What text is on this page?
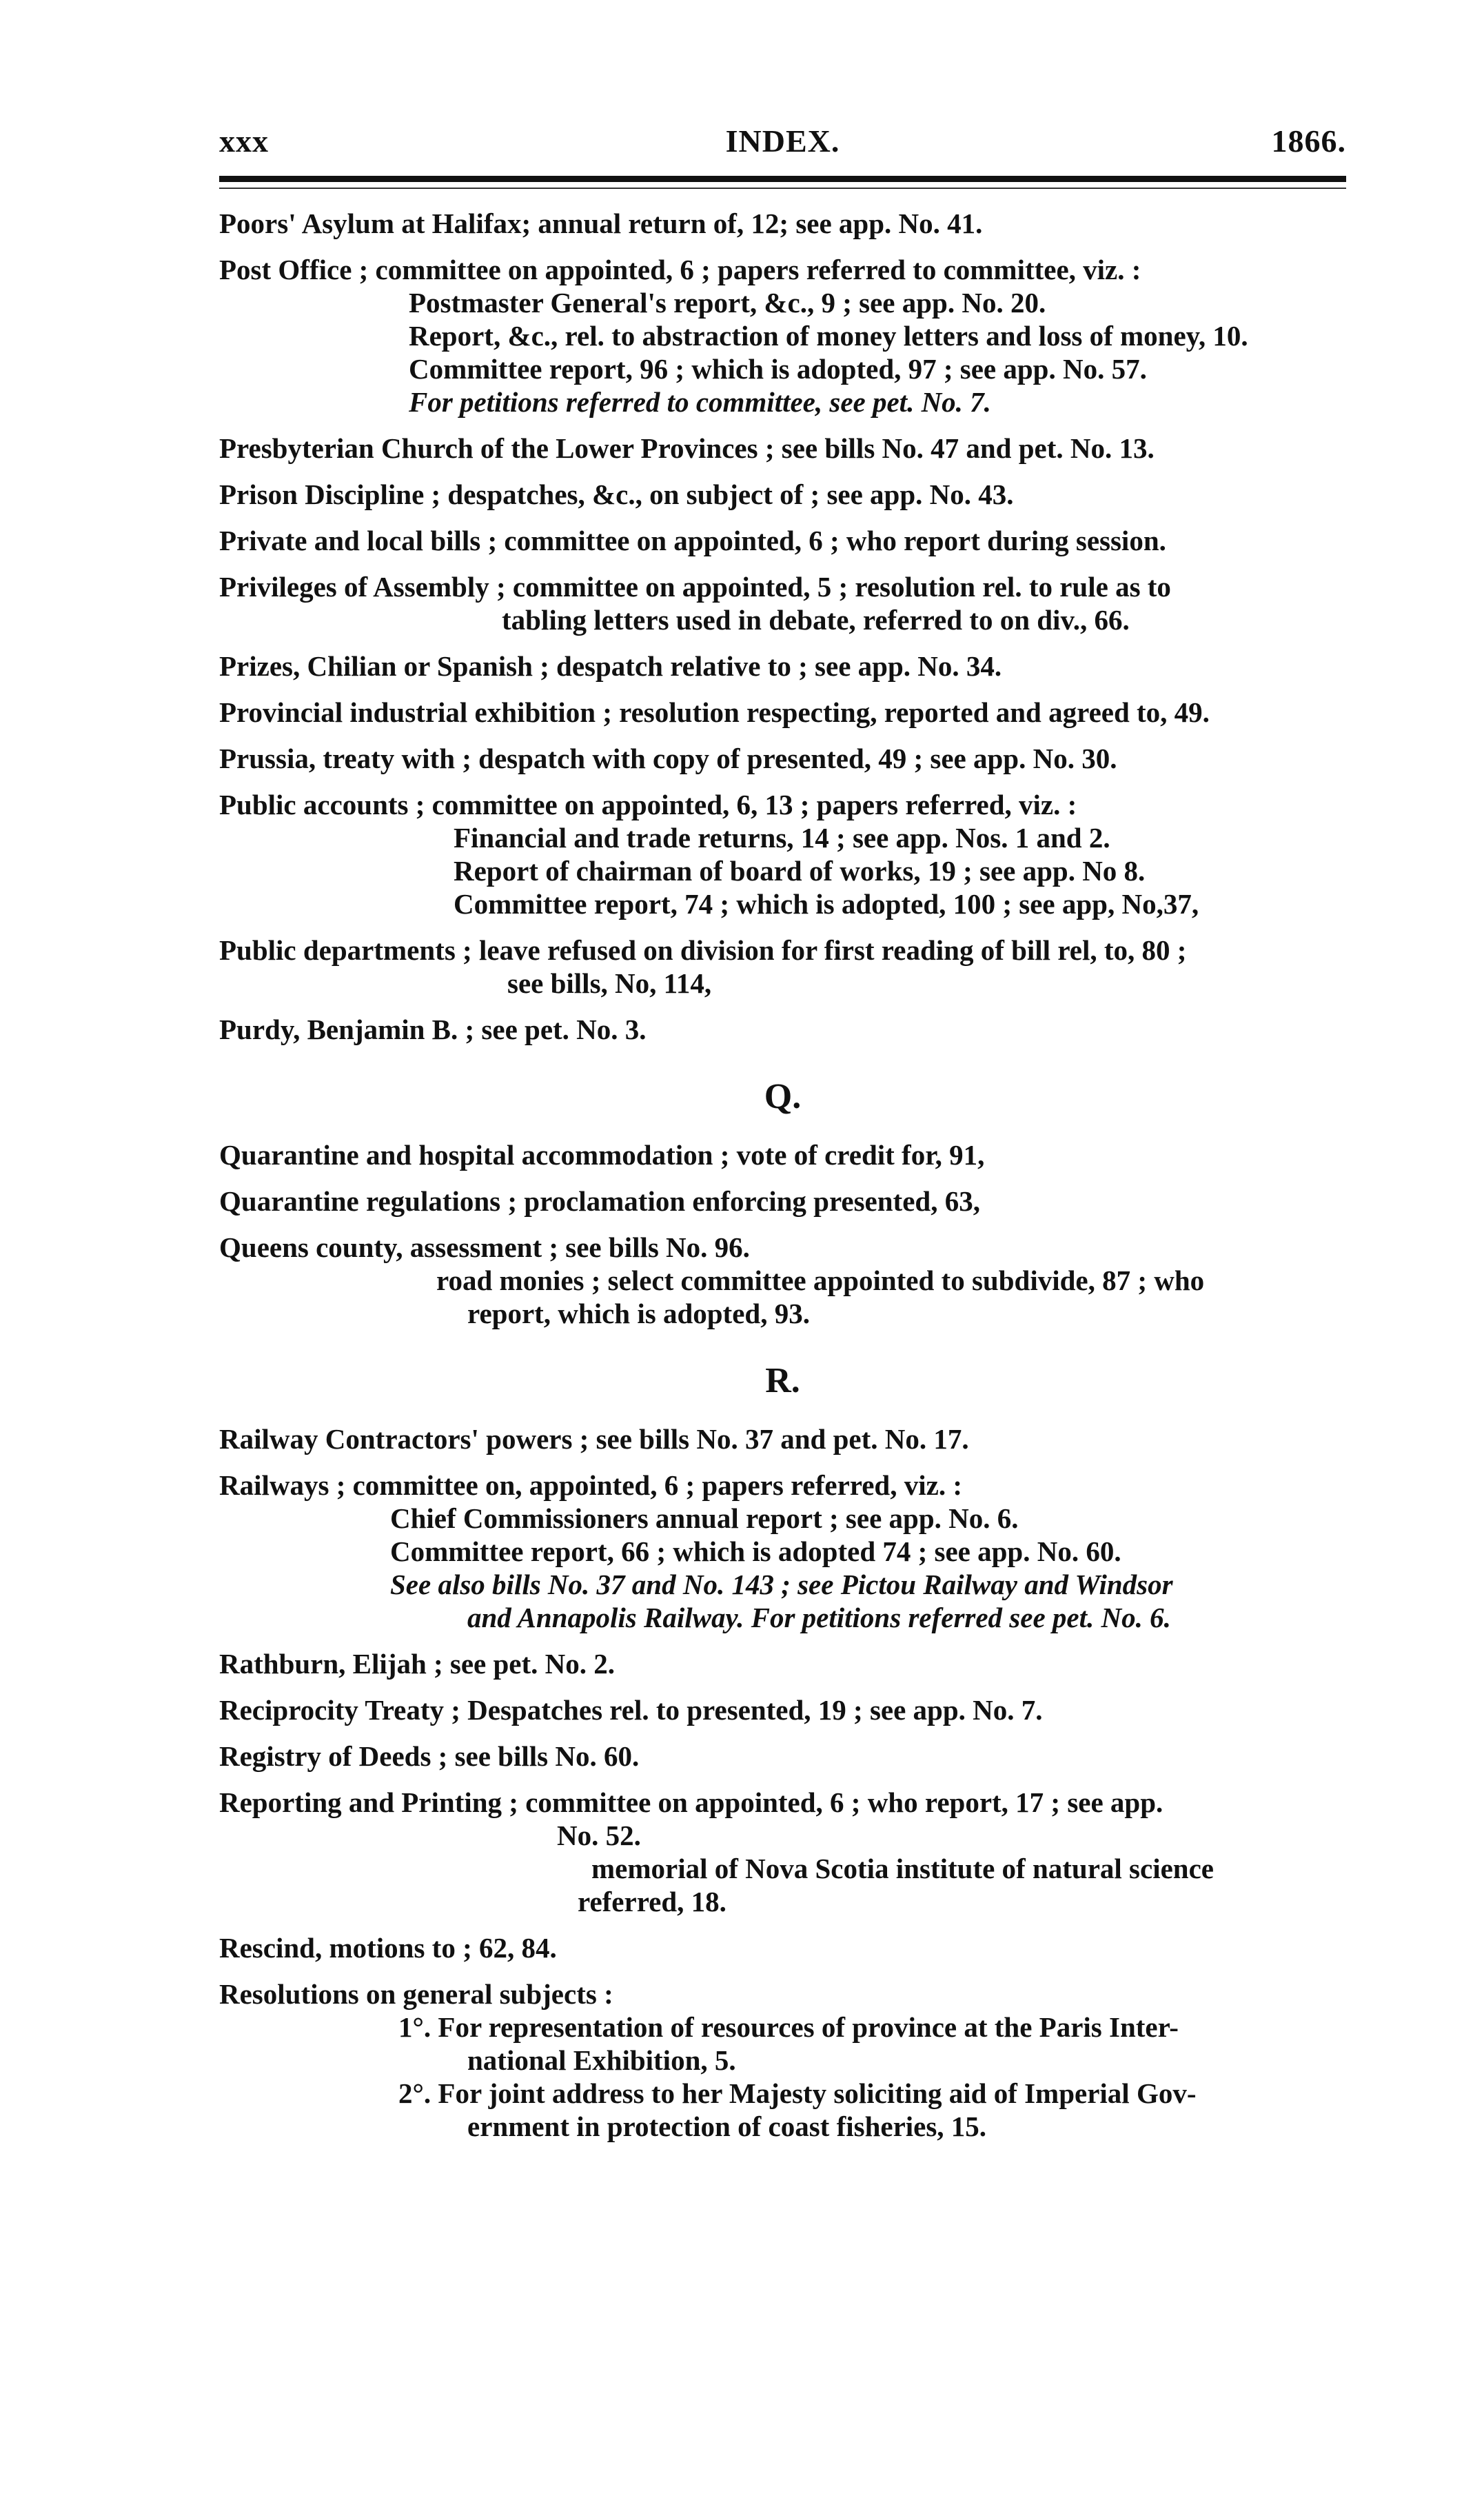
xxx	INDEX.	1866.
Poors' Asylum at Halifax; annual return of, 12; see app. No. 41.
Post Office ; committee on appointed, 6 ; papers referred to committee, viz. :
Postmaster General's report, &c., 9 ; see app. No. 20.
Report, &c., rel. to abstraction of money letters and loss of money, 10.
Committee report, 96 ; which is adopted, 97 ; see app. No. 57.
For petitions referred to committee, see pet. No. 7.
Presbyterian Church of the Lower Provinces ; see bills No. 47 and pet. No. 13.
Prison Discipline ; despatches, &c., on subject of ; see app. No. 43.
Private and local bills ; committee on appointed, 6 ; who report during session.
Privileges of Assembly ; committee on appointed, 5 ; resolution rel. to rule as to
tabling letters used in debate, referred to on div., 66.
Prizes, Chilian or Spanish ; despatch relative to ; see app. No. 34.
Provincial industrial exhibition ; resolution respecting, reported and agreed to, 49.
Prussia, treaty with ; despatch with copy of presented, 49 ; see app. No. 30.
Public accounts ; committee on appointed, 6, 13 ; papers referred, viz. :
Financial and trade returns, 14 ; see app. Nos. 1 and 2.
Report of chairman of board of works, 19 ; see app. No 8.
Committee report, 74 ; which is adopted, 100 ; see app, No,37,
Public departments ; leave refused on division for first reading of bill rel, to, 80 ;
see bills, No, 114,
Purdy, Benjamin B. ; see pet. No. 3.
Q.
Quarantine and hospital accommodation ; vote of credit for, 91,
Quarantine regulations ; proclamation enforcing presented, 63,
Queens county, assessment ; see bills No. 96.
road monies ; select committee appointed to subdivide, 87 ; who
report, which is adopted, 93.
R.
Railway Contractors' powers ; see bills No. 37 and pet. No. 17.
Railways ; committee on, appointed, 6 ; papers referred, viz. :
Chief Commissioners annual report ; see app. No. 6.
Committee report, 66 ; which is adopted 74 ; see app. No. 60.
See also bills No. 37 and No. 143 ; see Pictou Railway and Windsor
and Annapolis Railway. For petitions referred see pet. No. 6.
Rathburn, Elijah ; see pet. No. 2.
Reciprocity Treaty ; Despatches rel. to presented, 19 ; see app. No. 7.
Registry of Deeds ; see bills No. 60.
Reporting and Printing ; committee on appointed, 6 ; who report, 17 ; see app.
No. 52.
memorial of Nova Scotia institute of natural science
referred, 18.
Rescind, motions to ; 62, 84.
Resolutions on general subjects :
1°. For representation of resources of province at the Paris Inter-
national Exhibition, 5.
2°. For joint address to her Majesty soliciting aid of Imperial Gov-
ernment in protection of coast fisheries, 15.
